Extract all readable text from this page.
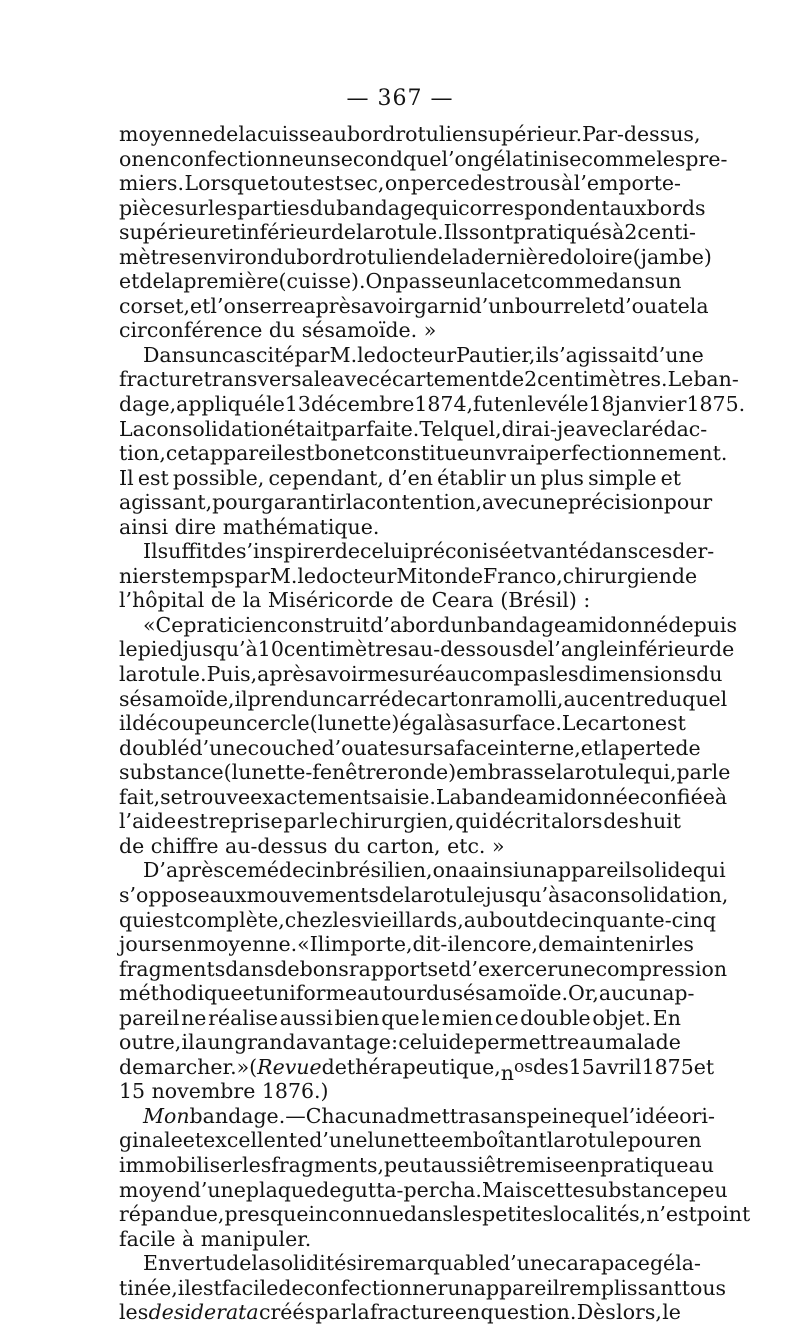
— 367 —
moyenne de la cuisse au bord rotulien supérieur. Par-dessus,
on en confectionne un second que l’on gélatinise comme les pre-
miers. Lorsque tout est sec, on perce des trous à l’emporte-
pièce sur les parties du bandage qui correspondent aux bords
supérieur et inférieur de la rotule. Ils sont pratiqués à 2 centi-
mètres environ du bord rotulien de la dernière doloire (jambe)
et de la première (cuisse). On passe un lacet comme dans un
corset, et l’on serre après avoir garni d’un bourrelet d’ouate la
circonférence du sésamoïde. »
Dans un cas cité par M. le docteur Pautier, il s’agissait d’une
fracture transversale avec écartement de 2 centimètres. Le ban-
dage, appliqué le 13 décembre 1874, fut enlevé le 18 janvier 1875.
La consolidation était parfaite. Tel quel, dirai-je avec la rédac-
tion, cet appareil est bon et constitue un vrai perfectionnement.
Il est possible, cependant, d’en établir un plus simple et
agissant, pour garantir la contention, avec une précision pour
ainsi dire mathématique.
Il suffit de s’inspirer de celui préconisé et vanté dans ces der-
niers temps par M. le docteur Miton de Franco, chirurgien de
l’hôpital de la Miséricorde de Ceara (Brésil) :
« Ce praticien construit d’abord un bandage amidonné depuis
le pied jusqu’à 10 centimètres au-dessous de l’angle inférieur de
la rotule. Puis, après avoir mesuré au compas les dimensions du
sésamoïde, il prend un carré de carton ramolli, au centre duquel
il découpe un cercle (lunette) égal à sa surface. Le carton est
doublé d’une couche d’ouate sur sa face interne, et la perte de
substance (lunette-fenêtre ronde) embrasse la rotule qui, par le
fait, se trouve exactement saisie. La bande amidonnée confiée à
l’aide est reprise par le chirurgien, qui décrit alors des huit
de chiffre au-dessus du carton, etc. »
D’après ce médecin brésilien, on a ainsi un appareil solide qui
s’oppose aux mouvements de la rotule jusqu’à sa consolidation,
qui est complète, chez les vieillards, au bout de cinquante-cinq
jours en moyenne. « Il importe, dit-il encore, de maintenir les
fragments dans de bons rapports et d’exercer une compression
méthodique et uniforme autour du sésamoïde. Or, aucun ap-
pareil ne réalise aussi bien que le mien ce double objet. En
outre, il a un grand avantage : celui de permettre au malade
de marcher. » (Revue de thérapeutique, $n^{os}$ des 15 avril 1875 et
15 novembre 1876.)
Mon bandage. — Chacun admettra sans peine que l’idée ori-
ginale et excellente d’une lunette emboîtant la rotule pour en
immobiliser les fragments, peut aussi être mise en pratique au
moyen d’une plaque de gutta-percha. Mais cette substance peu
répandue, presque inconnue dans les petites localités, n’est point
facile à manipuler.
En vertu de la solidité si remarquable d’une carapace géla-
tinée, il est facile de confectionner un appareil remplissant tous
les desiderata créés par la fracture en question. Dès lors, le
